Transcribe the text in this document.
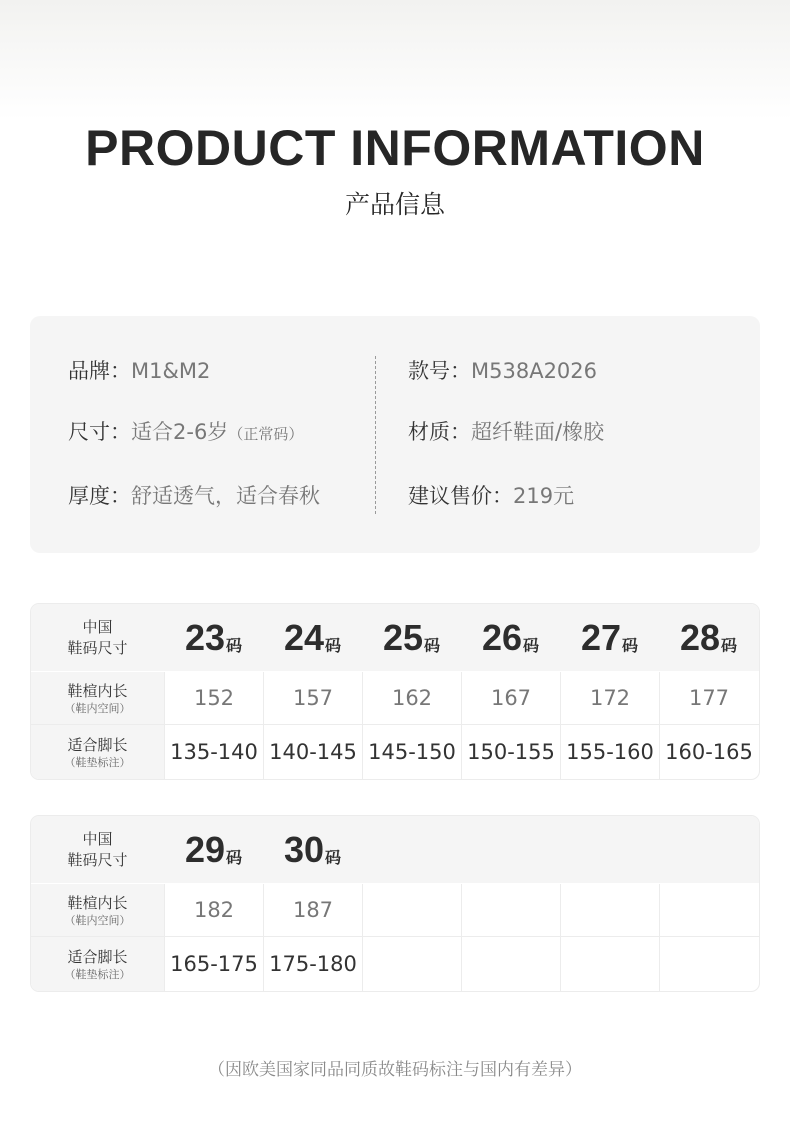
PRODUCT INFORMATION
产品信息
品牌：M1&M2
尺寸：适合2-6岁（正常码）
厚度：舒适透气，适合春秋
款号：M538A2026
材质：超纤鞋面/橡胶
建议售价：219元
中国
鞋码尺寸 23 码 24 码 25 码 26 码 27 码 28 码
鞋楦内长
（鞋内空间）	152	157	162	167	172	177
适合脚长
（鞋垫标注） 135-140 140-145 145-150 150-155 155-160 160-165
中国
鞋码尺寸 29 码 30 码
鞋楦内长
（鞋内空间）	182	187
适合脚长
（鞋垫标注） 165-175 175-180
（因欧美国家同品同质故鞋码标注与国内有差异）
